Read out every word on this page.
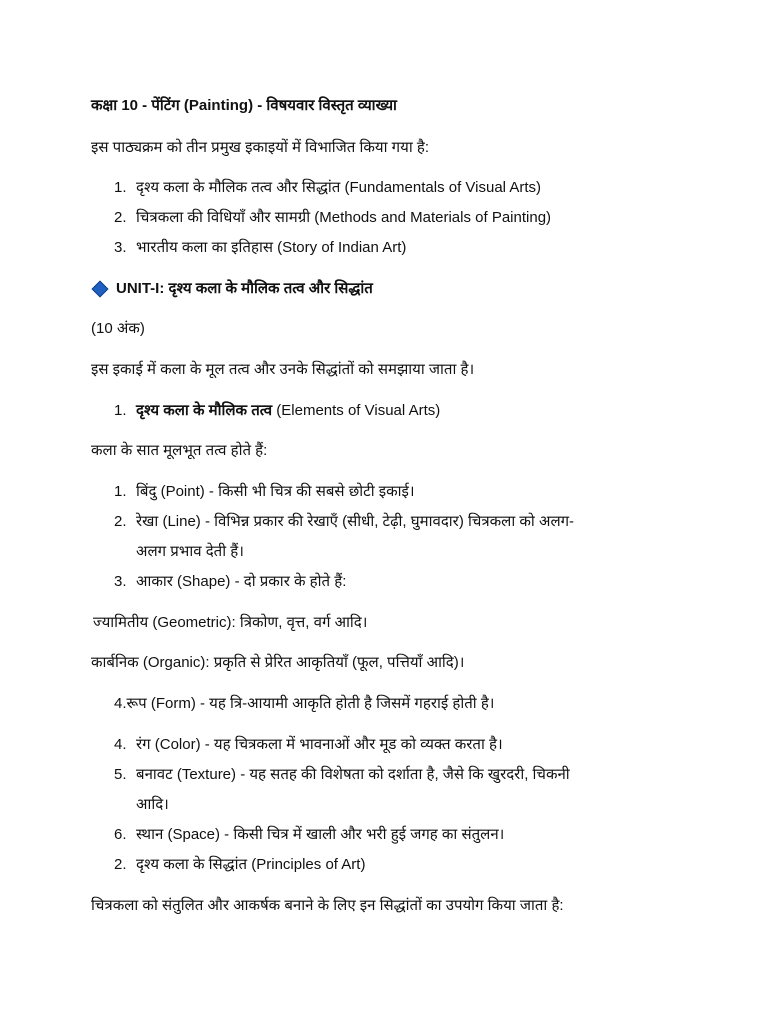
कक्षा 10 - पेंटिंग (Painting) - विषयवार विस्तृत व्याख्या
इस पाठ्यक्रम को तीन प्रमुख इकाइयों में विभाजित किया गया है:
1. दृश्य कला के मौलिक तत्व और सिद्धांत (Fundamentals of Visual Arts)
2. चित्रकला की विधियाँ और सामग्री (Methods and Materials of Painting)
3. भारतीय कला का इतिहास (Story of Indian Art)
UNIT-I: दृश्य कला के मौलिक तत्व और सिद्धांत
(10 अंक)
इस इकाई में कला के मूल तत्व और उनके सिद्धांतों को समझाया जाता है।
1. दृश्य कला के मौलिक तत्व (Elements of Visual Arts)
कला के सात मूलभूत तत्व होते हैं:
1. बिंदु (Point) - किसी भी चित्र की सबसे छोटी इकाई।
2. रेखा (Line) - विभिन्न प्रकार की रेखाएँ (सीधी, टेढ़ी, घुमावदार) चित्रकला को अलग-
अलग प्रभाव देती हैं।
3. आकार (Shape) - दो प्रकार के होते हैं:
ज्यामितीय (Geometric): त्रिकोण, वृत्त, वर्ग आदि।
कार्बनिक (Organic): प्रकृति से प्रेरित आकृतियाँ (फूल, पत्तियाँ आदि)।
4.रूप (Form) - यह त्रि-आयामी आकृति होती है जिसमें गहराई होती है।
4. रंग (Color) - यह चित्रकला में भावनाओं और मूड को व्यक्त करता है।
5. बनावट (Texture) - यह सतह की विशेषता को दर्शाता है, जैसे कि खुरदरी, चिकनी
आदि।
6. स्थान (Space) - किसी चित्र में खाली और भरी हुई जगह का संतुलन।
2. दृश्य कला के सिद्धांत (Principles of Art)
चित्रकला को संतुलित और आकर्षक बनाने के लिए इन सिद्धांतों का उपयोग किया जाता है:
